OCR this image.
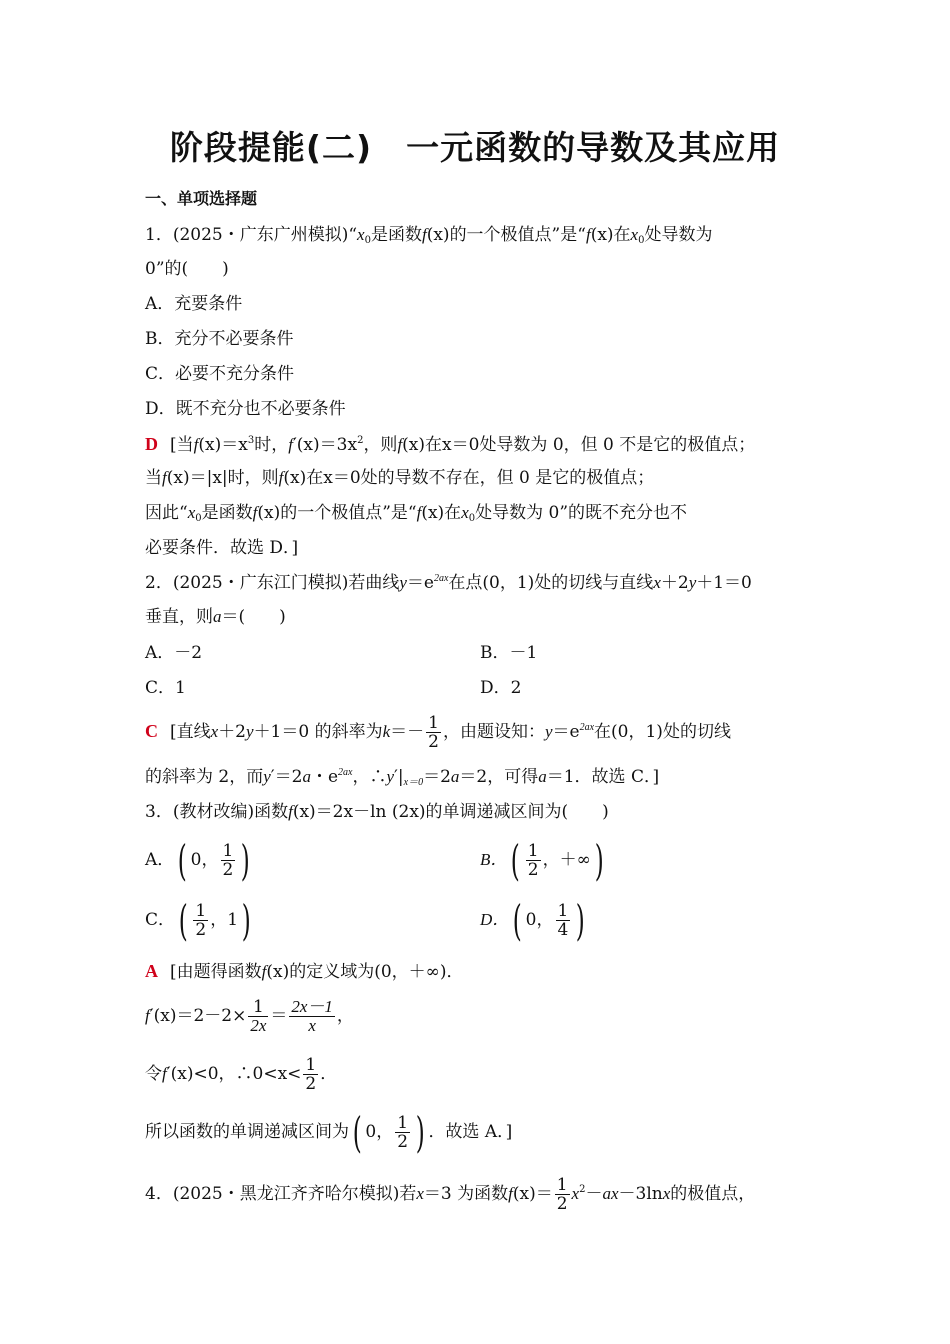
阶段提能(二)　一元函数的导数及其应用
一、单项选择题
1．(2025・广东广州模拟)“$x_0$是函数f(x)的一个极值点”是“f(x)在$x_0$处导数为
0”的(　　)
A．充要条件
B．充分不必要条件
C．必要不充分条件
D．既不充分也不必要条件
D [当$f(x)=x^3$时，$f'(x)=3x^2$，则f(x)在x＝0处导数为 0，但 0 不是它的极值点；
当f(x)＝|x|时，则f(x)在x＝0处的导数不存在，但 0 是它的极值点；
因此“$x_0$是函数f(x)的一个极值点”是“f(x)在$x_0$处导数为 0”的既不充分也不
必要条件．故选 D．]
2．(2025・广东江门模拟)若曲线$y=e^{2ax}$在点(0，1)处的切线与直线x＋2y＋1＝0
垂直，则a＝(　　)
A．－2	B．－1
C．1	D．2
C [直线x＋2y＋1＝0 的斜率为$k=- \frac{1}{2}$ ，由题设知：$y=e^{2ax}$在(0，1)处的切线
的斜率为 2，而y′＝2a・$e^{2ax}$，$\therefore y'|_{x=0}=2a=2$，可得a＝1．故选 C．]
3．(教材改编)函数f(x)＝2x－ln (2x)的单调递减区间为(　　)
A．( 0， $\frac{1}{2}$ )	B．( $\frac{1}{2}$ ，＋∞)
C．( $\frac{1}{2}$ ，1)	D．( 0， $\frac{1}{4}$ )
A [由题得函数f(x)的定义域为(0，＋∞)．
$f'(x)=2-2\times \frac{1}{2x} = \frac{2x-1}{x}$ ，
令f′(x)<0，∴0<x< $\frac{1}{2}$ ．
所以函数的单调递减区间为( 0， $\frac{1}{2}$ ) ．故选 A．]
4．(2025・黑龙江齐齐哈尔模拟)若x＝3 为函数$f(x)= \frac{1}{2} x^2-ax-3\ln x$的极值点，
